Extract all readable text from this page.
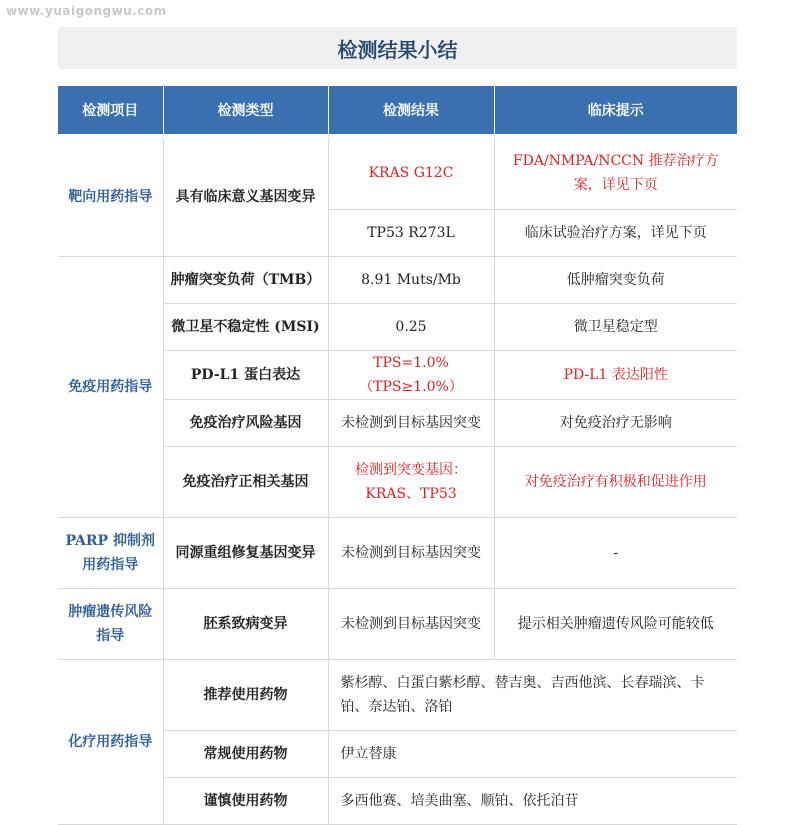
www.yuaigongwu.com
检测结果小结
检测项目	检测类型	检测结果	临床提示

靶向用药指导	具有临床意义基因变异	KRAS G12C	FDA/NMPA/NCCN 推荐治疗方案，详见下页
		TP53 R273L	临床试验治疗方案，详见下页
免疫用药指导	肿瘤突变负荷（TMB）	8.91 Muts/Mb	低肿瘤突变负荷
	微卫星不稳定性 (MSI)	0.25	微卫星稳定型
	PD-L1 蛋白表达	TPS=1.0%（TPS≥1.0%）	PD-L1 表达阳性
	免疫治疗风险基因	未检测到目标基因突变	对免疫治疗无影响
	免疫治疗正相关基因	检测到突变基因：KRAS、TP53	对免疫治疗有积极和促进作用
PARP 抑制剂用药指导	同源重组修复基因变异	未检测到目标基因突变	-
肿瘤遗传风险指导	胚系致病变异	未检测到目标基因突变	提示相关肿瘤遗传风险可能较低
化疗用药指导	推荐使用药物	紫杉醇、白蛋白紫杉醇、替吉奥、吉西他滨、长春瑞滨、卡铂、奈达铂、洛铂	
	常规使用药物	伊立替康	
	谨慎使用药物	多西他赛、培美曲塞、顺铂、依托泊苷	
